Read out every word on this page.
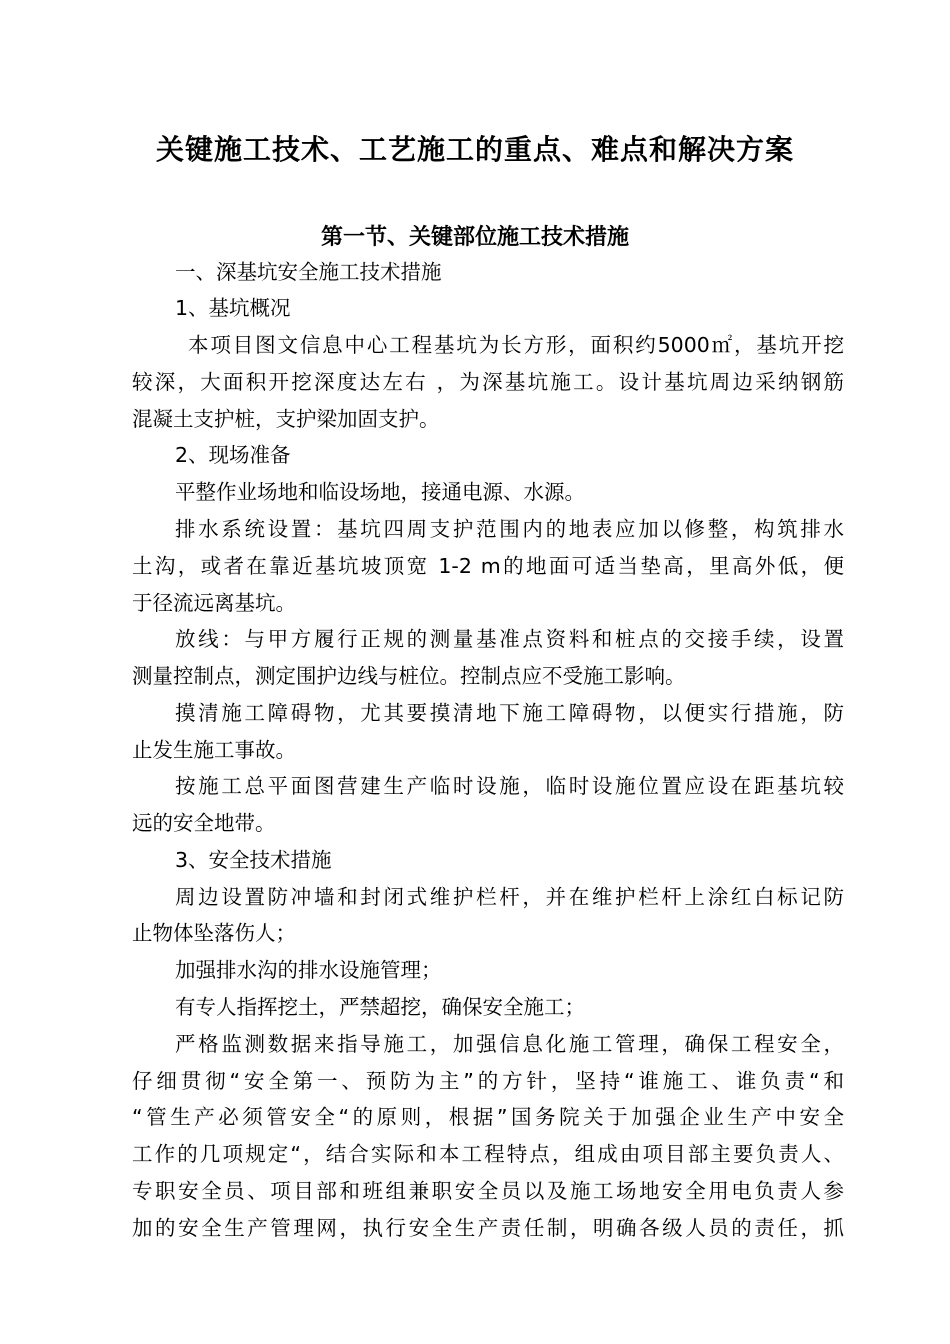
关键施工技术、工艺施工的重点、难点和解决方案
第一节、关键部位施工技术措施
一、深基坑安全施工技术措施
1、基坑概况
本项目图文信息中心工程基坑为长方形，面积约5000㎡，基坑开挖
较深，大面积开挖深度达左右 ，为深基坑施工。设计基坑周边采纳钢筋
混凝土支护桩，支护梁加固支护。
2、现场准备
平整作业场地和临设场地，接通电源、水源。
排水系统设置：基坑四周支护范围内的地表应加以修整，构筑排水
土沟，或者在靠近基坑坡顶宽 1-2 m的地面可适当垫高，里高外低，便
于径流远离基坑。
放线：与甲方履行正规的测量基准点资料和桩点的交接手续，设置
测量控制点，测定围护边线与桩位。控制点应不受施工影响。
摸清施工障碍物，尤其要摸清地下施工障碍物，以便实行措施，防
止发生施工事故。
按施工总平面图营建生产临时设施，临时设施位置应设在距基坑较
远的安全地带。
3、安全技术措施
周边设置防冲墙和封闭式维护栏杆，并在维护栏杆上涂红白标记防
止物体坠落伤人；
加强排水沟的排水设施管理；
有专人指挥挖土，严禁超挖，确保安全施工；
严格监测数据来指导施工，加强信息化施工管理，确保工程安全，
仔细贯彻“安全第一、预防为主”的方针，坚持“谁施工、谁负责“和
“管生产必须管安全“的原则，根据”国务院关于加强企业生产中安全
工作的几项规定“，结合实际和本工程特点，组成由项目部主要负责人、
专职安全员、项目部和班组兼职安全员以及施工场地安全用电负责人参
加的安全生产管理网，执行安全生产责任制，明确各级人员的责任，抓
